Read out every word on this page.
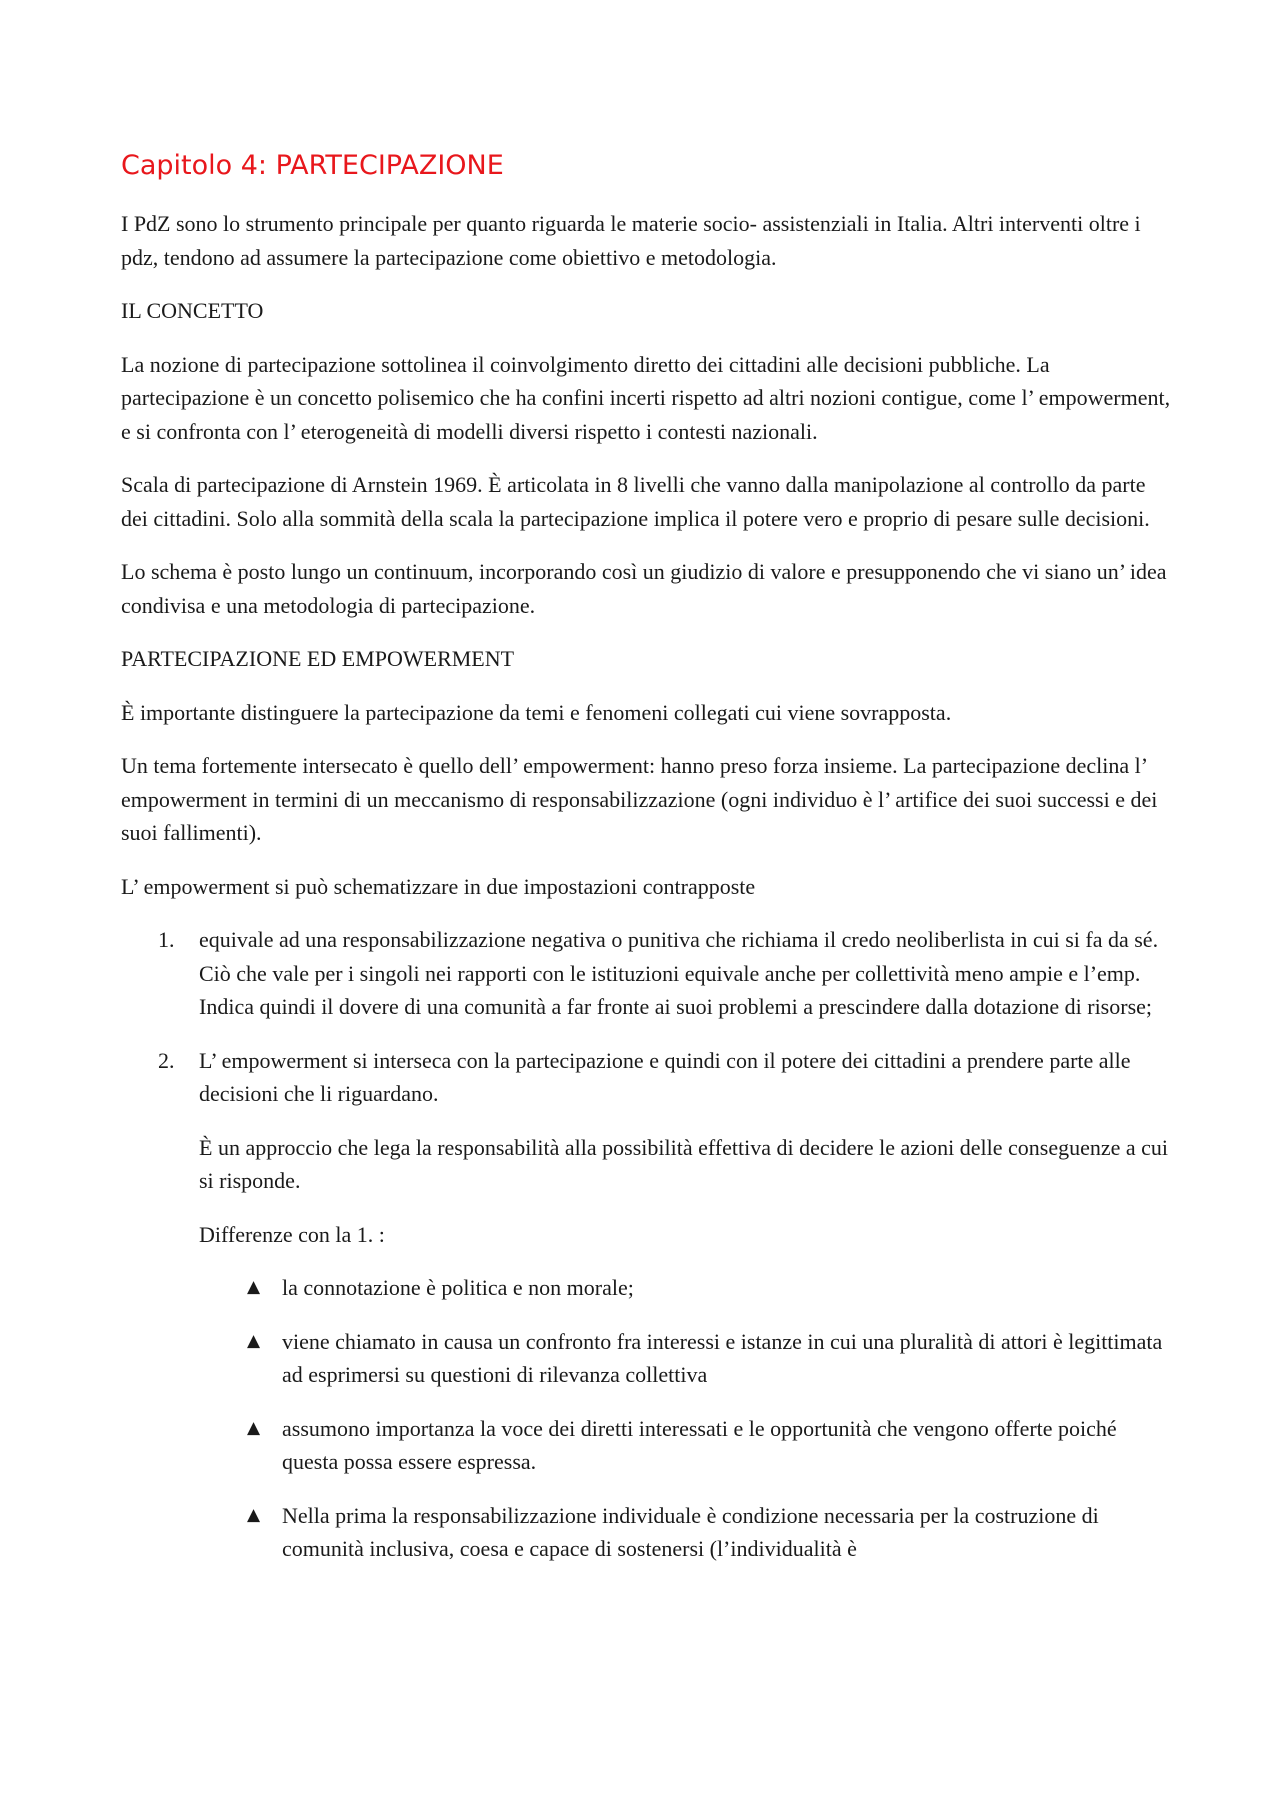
Capitolo 4: PARTECIPAZIONE

I PdZ sono lo strumento principale per quanto riguarda le materie socio- assistenziali in Italia. Altri interventi oltre i pdz, tendono ad assumere la partecipazione come obiettivo e metodologia.

IL CONCETTO

La nozione di partecipazione sottolinea il coinvolgimento diretto dei cittadini alle decisioni pubbliche. La partecipazione è un concetto polisemico che ha confini incerti rispetto ad altri nozioni contigue, come l’ empowerment, e si confronta con l’ eterogeneità di modelli diversi rispetto i contesti nazionali.

Scala di partecipazione di Arnstein 1969. È articolata in 8 livelli che vanno dalla manipolazione al controllo da parte dei cittadini. Solo alla sommità della scala la partecipazione implica il potere vero e proprio di pesare sulle decisioni.

Lo schema è posto lungo un continuum, incorporando così un giudizio di valore e presupponendo che vi siano un’ idea condivisa e una metodologia di partecipazione.

PARTECIPAZIONE ED EMPOWERMENT

È importante distinguere la partecipazione da temi e fenomeni collegati cui viene sovrapposta.

Un tema fortemente intersecato è quello dell’ empowerment: hanno preso forza insieme. La partecipazione declina l’ empowerment in termini di un meccanismo di responsabilizzazione (ogni individuo è l’ artifice dei suoi successi e dei suoi fallimenti).

L’ empowerment si può schematizzare in due impostazioni contrapposte

1. equivale ad una responsabilizzazione negativa o punitiva che richiama il credo neoliberlista in cui si fa da sé. Ciò che vale per i singoli nei rapporti con le istituzioni equivale anche per collettività meno ampie e l’emp. Indica quindi il dovere di una comunità a far fronte ai suoi problemi a prescindere dalla dotazione di risorse;
2. L’ empowerment si interseca con la partecipazione e quindi con il potere dei cittadini a prendere parte alle decisioni che li riguardano.

È un approccio che lega la responsabilità alla possibilità effettiva di decidere le azioni delle conseguenze a cui si risponde.

Differenze con la 1. :

▲ la connotazione è politica e non morale;
▲ viene chiamato in causa un confronto fra interessi e istanze in cui una pluralità di attori è legittimata ad esprimersi su questioni di rilevanza collettiva
▲ assumono importanza la voce dei diretti interessati e le opportunità che vengono offerte poiché questa possa essere espressa.
▲ Nella prima la responsabilizzazione individuale è condizione necessaria per la costruzione di comunità inclusiva, coesa e capace di sostenersi (l’individualità è
